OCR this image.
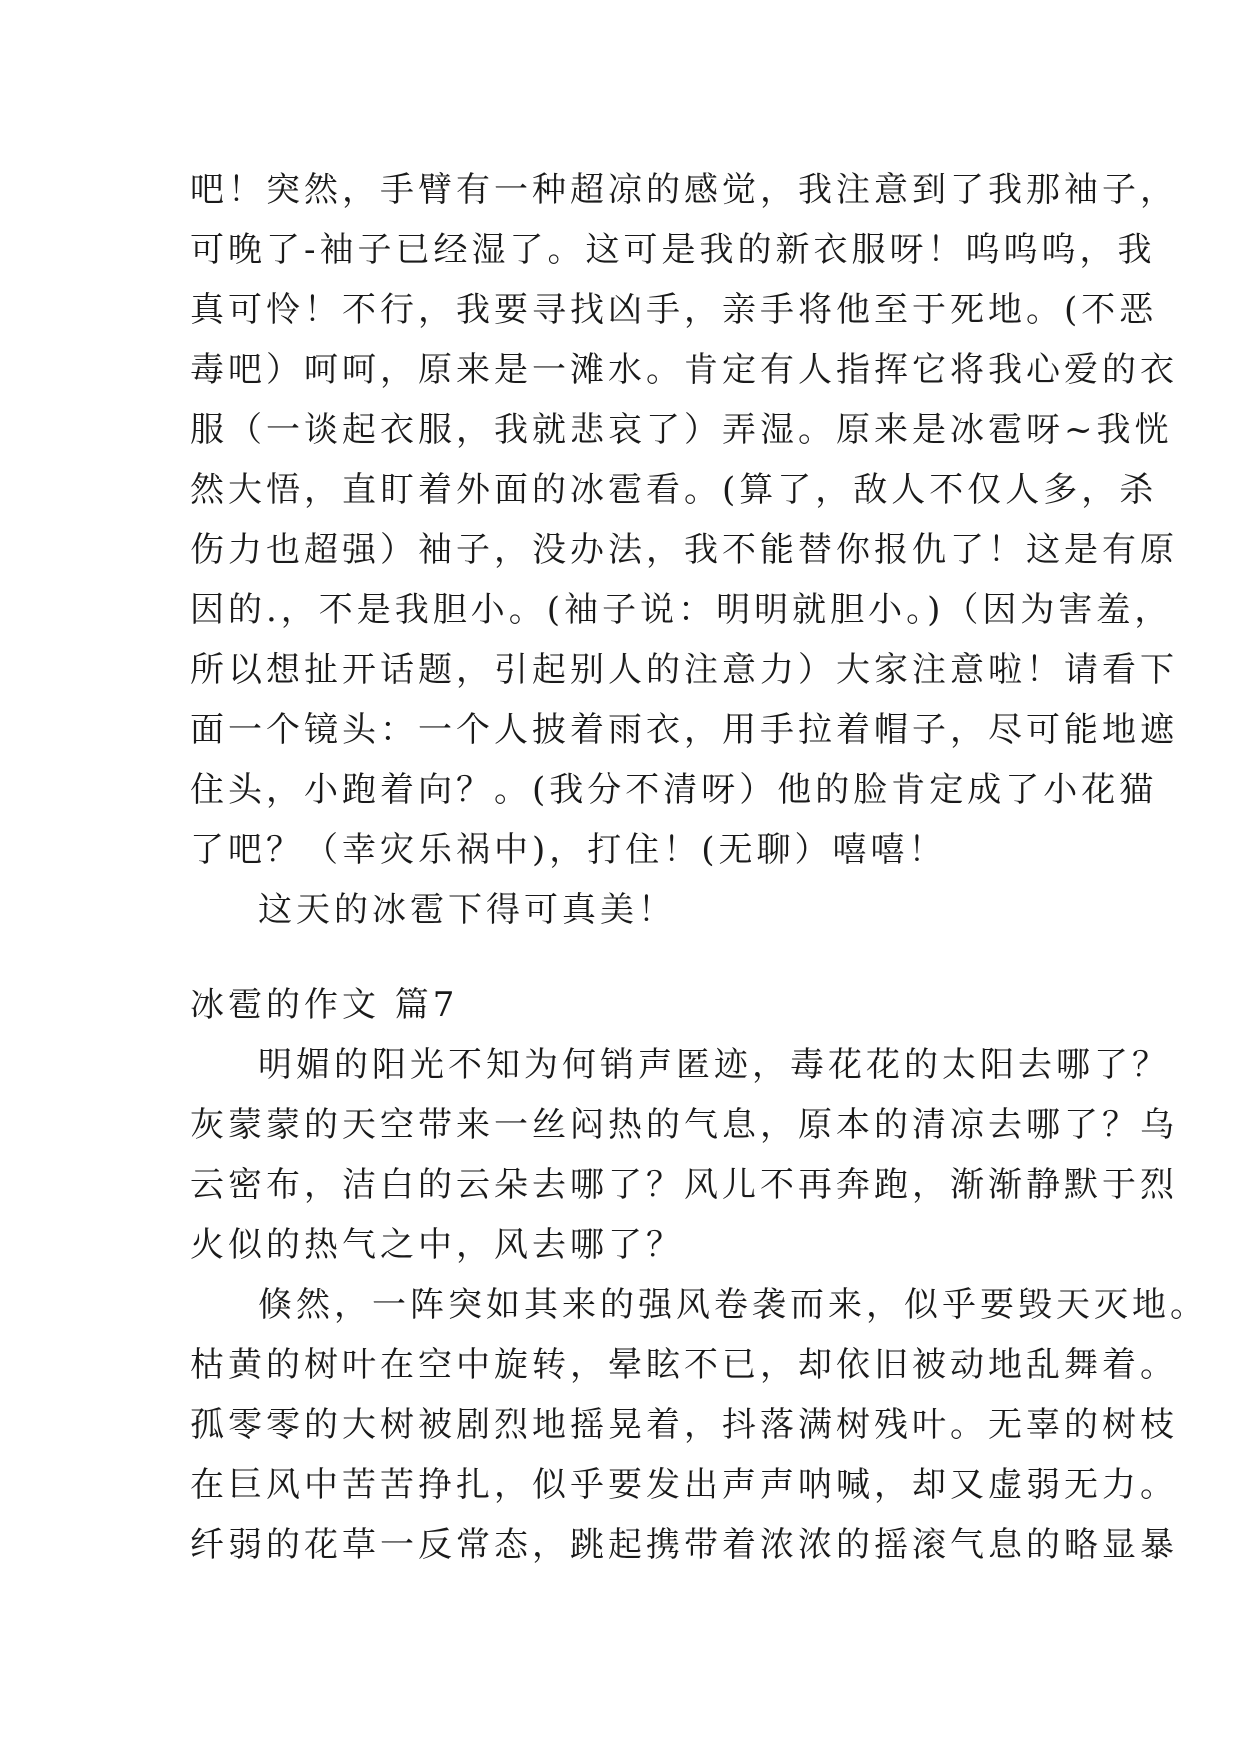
吧！突然，手臂有一种超凉的感觉，我注意到了我那袖子，
可晚了-袖子已经湿了。这可是我的新衣服呀！呜呜呜，我
真可怜！不行，我要寻找凶手，亲手将他至于死地。(不恶
毒吧）呵呵，原来是一滩水。肯定有人指挥它将我心爱的衣
服（一谈起衣服，我就悲哀了）弄湿。原来是冰雹呀~我恍
然大悟，直盯着外面的冰雹看。(算了，敌人不仅人多，杀
伤力也超强）袖子，没办法，我不能替你报仇了！这是有原
因的.，不是我胆小。(袖子说：明明就胆小。)（因为害羞，
所以想扯开话题，引起别人的注意力）大家注意啦！请看下
面一个镜头：一个人披着雨衣，用手拉着帽子，尽可能地遮
住头，小跑着向？。(我分不清呀）他的脸肯定成了小花猫
了吧？（幸灾乐祸中)，打住！(无聊）嘻嘻！
这天的冰雹下得可真美！
冰雹的作文 篇7
明媚的阳光不知为何销声匿迹，毒花花的太阳去哪了？
灰蒙蒙的天空带来一丝闷热的气息，原本的清凉去哪了？乌
云密布，洁白的云朵去哪了？风儿不再奔跑，渐渐静默于烈
火似的热气之中，风去哪了？
倏然，一阵突如其来的强风卷袭而来，似乎要毁天灭地。
枯黄的树叶在空中旋转，晕眩不已，却依旧被动地乱舞着。
孤零零的大树被剧烈地摇晃着，抖落满树残叶。无辜的树枝
在巨风中苦苦挣扎，似乎要发出声声呐喊，却又虚弱无力。
纤弱的花草一反常态，跳起携带着浓浓的摇滚气息的略显暴
